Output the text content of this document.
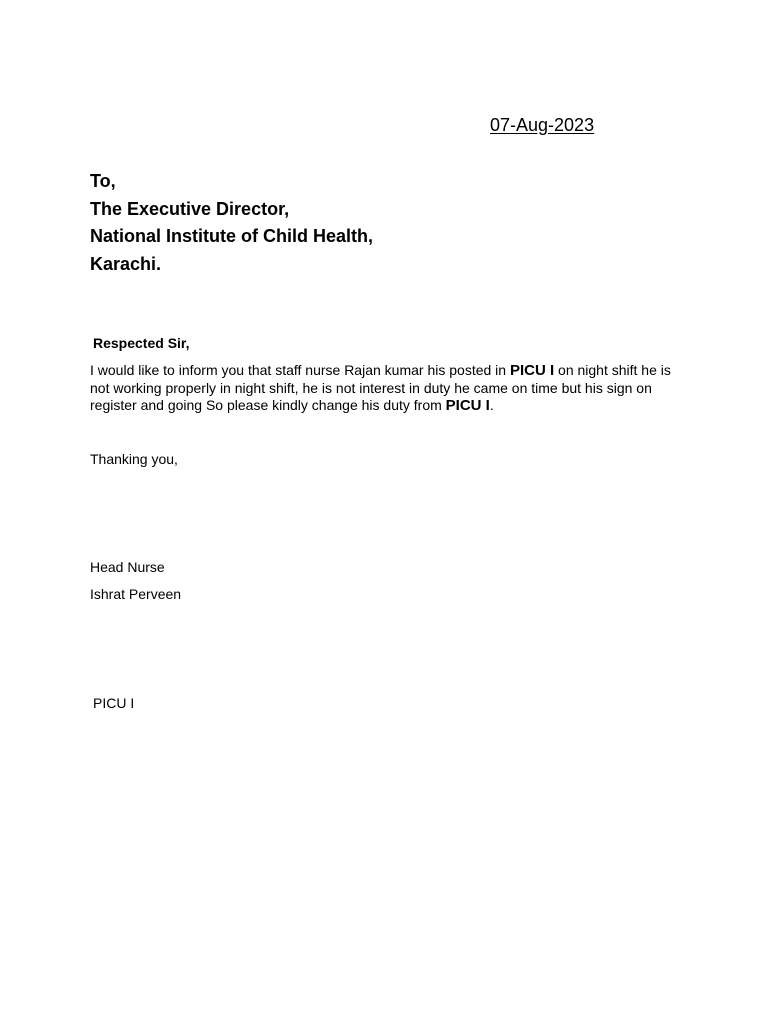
07-Aug-2023

To,
The Executive Director,
National Institute of Child Health,
Karachi.

Respected Sir,

I would like to inform you that staff nurse Rajan kumar his posted in PICU I on night shift he is not working properly in night shift, he is not interest in duty he came on time but his sign on register and going So please kindly change his duty from PICU I.

Thanking you,

Head Nurse

Ishrat Perveen

PICU I
